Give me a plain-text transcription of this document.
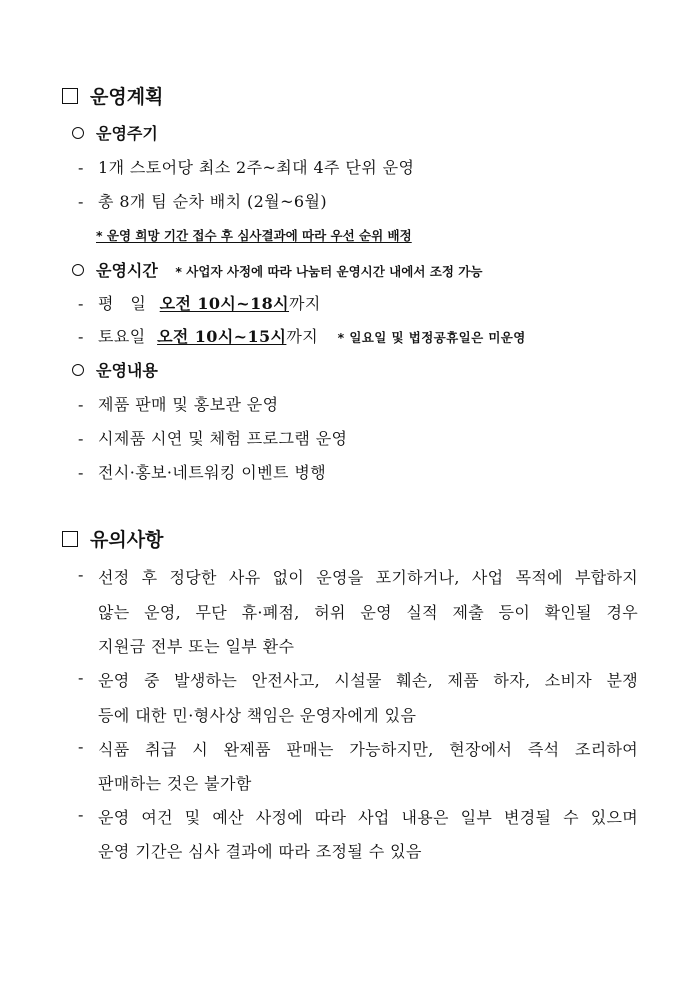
운영계획
운영주기
- 1개 스토어당 최소 2주~최대 4주 단위 운영
- 총 8개 팀 순차 배치 (2월~6월)
* 운영 희망 기간 접수 후 심사결과에 따라 우선 순위 배정
운영시간 * 사업자 사정에 따라 나눔터 운영시간 내에서 조정 가능
- 평   일 오전 10시~18시까지
- 토요일 오전 10시~15시까지 * 일요일 및 법정공휴일은 미운영
운영내용
- 제품 판매 및 홍보관 운영
- 시제품 시연 및 체험 프로그램 운영
- 전시·홍보·네트워킹 이벤트 병행
유의사항
- 선정 후 정당한 사유 없이 운영을 포기하거나, 사업 목적에 부합하지
않는 운영, 무단 휴·폐점, 허위 운영 실적 제출 등이 확인될 경우
지원금 전부 또는 일부 환수
- 운영 중 발생하는 안전사고, 시설물 훼손, 제품 하자, 소비자 분쟁
등에 대한 민·형사상 책임은 운영자에게 있음
- 식품 취급 시 완제품 판매는 가능하지만, 현장에서 즉석 조리하여
판매하는 것은 불가함
- 운영 여건 및 예산 사정에 따라 사업 내용은 일부 변경될 수 있으며
운영 기간은 심사 결과에 따라 조정될 수 있음
